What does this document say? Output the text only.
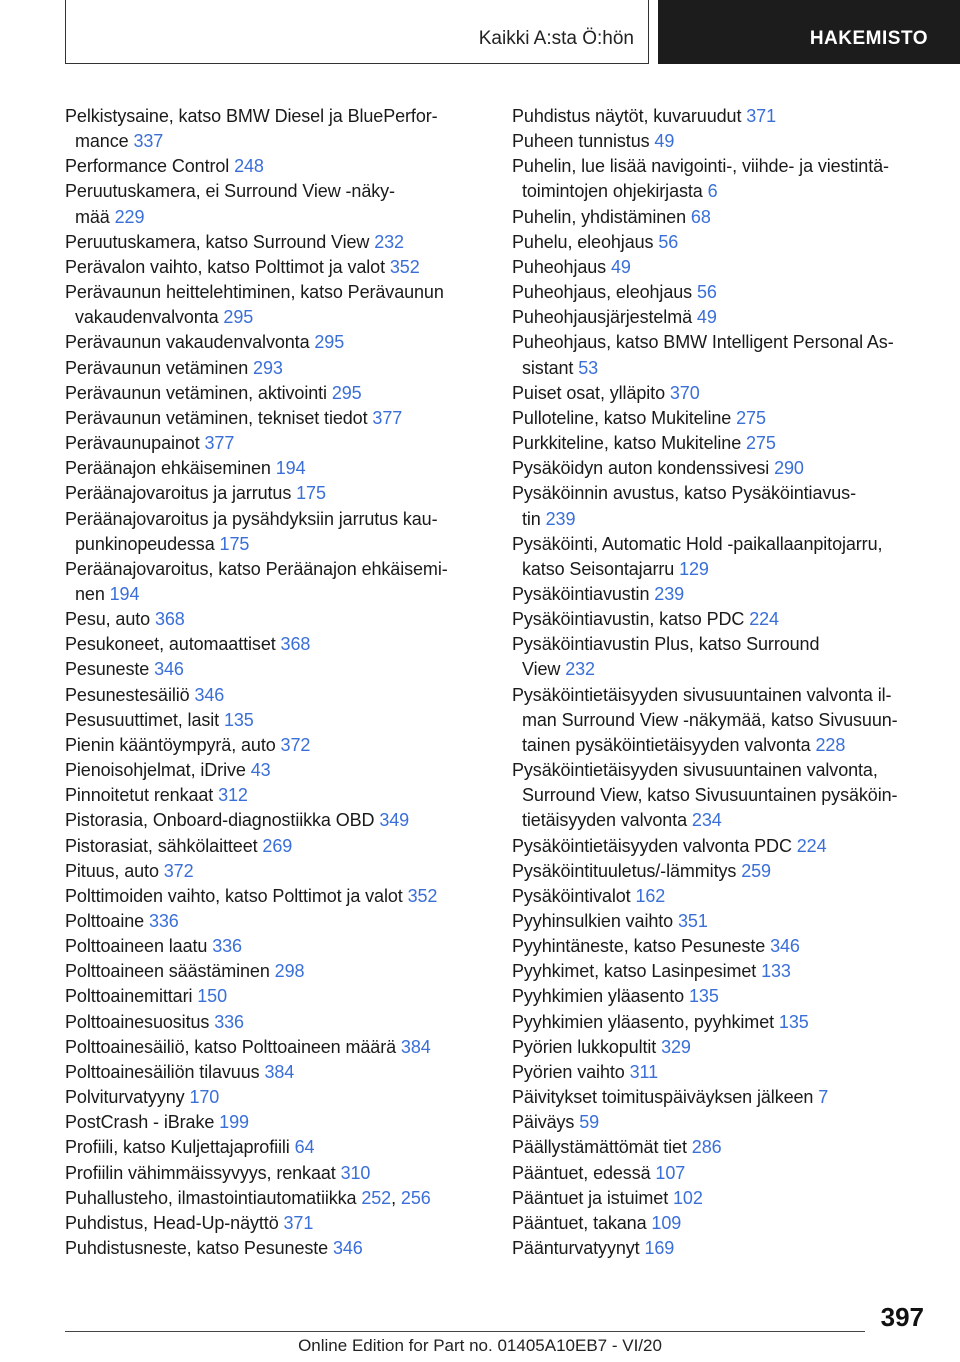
Kaikki A:sta Ö:hön	HAKEMISTO
Pelkistysaine, katso BMW Diesel ja BluePerfor-
mance 337
Performance Control 248
Peruutuskamera, ei Surround View -näky-
mää 229
Peruutuskamera, katso Surround View 232
Perävalon vaihto, katso Polttimot ja valot 352
Perävaunun heittelehtiminen, katso Perävaunun
vakaudenvalvonta 295
Perävaunun vakaudenvalvonta 295
Perävaunun vetäminen 293
Perävaunun vetäminen, aktivointi 295
Perävaunun vetäminen, tekniset tiedot 377
Perävaunupainot 377
Peräänajon ehkäiseminen 194
Peräänajovaroitus ja jarrutus 175
Peräänajovaroitus ja pysähdyksiin jarrutus kau-
punkinopeudessa 175
Peräänajovaroitus, katso Peräänajon ehkäisemi-
nen 194
Pesu, auto 368
Pesukoneet, automaattiset 368
Pesuneste 346
Pesunestesäiliö 346
Pesusuuttimet, lasit 135
Pienin kääntöympyrä, auto 372
Pienoisohjelmat, iDrive 43
Pinnoitetut renkaat 312
Pistorasia, Onboard-diagnostiikka OBD 349
Pistorasiat, sähkölaitteet 269
Pituus, auto 372
Polttimoiden vaihto, katso Polttimot ja valot 352
Polttoaine 336
Polttoaineen laatu 336
Polttoaineen säästäminen 298
Polttoainemittari 150
Polttoainesuositus 336
Polttoainesäiliö, katso Polttoaineen määrä 384
Polttoainesäiliön tilavuus 384
Polviturvatyyny 170
PostCrash - iBrake 199
Profiili, katso Kuljettajaprofiili 64
Profiilin vähimmäissyvyys, renkaat 310
Puhallusteho, ilmastointiautomatiikka 252, 256
Puhdistus, Head-Up-näyttö 371
Puhdistusneste, katso Pesuneste 346
Puhdistus näytöt, kuvaruudut 371
Puheen tunnistus 49
Puhelin, lue lisää navigointi-, viihde- ja viestintä-
toimintojen ohjekirjasta 6
Puhelin, yhdistäminen 68
Puhelu, eleohjaus 56
Puheohjaus 49
Puheohjaus, eleohjaus 56
Puheohjausjärjestelmä 49
Puheohjaus, katso BMW Intelligent Personal As-
sistant 53
Puiset osat, ylläpito 370
Pulloteline, katso Mukiteline 275
Purkkiteline, katso Mukiteline 275
Pysäköidyn auton kondenssivesi 290
Pysäköinnin avustus, katso Pysäköintiavus-
tin 239
Pysäköinti, Automatic Hold -paikallaanpitojarru,
katso Seisontajarru 129
Pysäköintiavustin 239
Pysäköintiavustin, katso PDC 224
Pysäköintiavustin Plus, katso Surround
View 232
Pysäköintietäisyyden sivusuuntainen valvonta il-
man Surround View -näkymää, katso Sivusuun-
tainen pysäköintietäisyyden valvonta 228
Pysäköintietäisyyden sivusuuntainen valvonta,
Surround View, katso Sivusuuntainen pysäköin-
tietäisyyden valvonta 234
Pysäköintietäisyyden valvonta PDC 224
Pysäköintituuletus/-lämmitys 259
Pysäköintivalot 162
Pyyhinsulkien vaihto 351
Pyyhintäneste, katso Pesuneste 346
Pyyhkimet, katso Lasinpesimet 133
Pyyhkimien yläasento 135
Pyyhkimien yläasento, pyyhkimet 135
Pyörien lukkopultit 329
Pyörien vaihto 311
Päivitykset toimituspäiväyksen jälkeen 7
Päiväys 59
Päällystämättömät tiet 286
Pääntuet, edessä 107
Pääntuet ja istuimet 102
Pääntuet, takana 109
Päänturvatyynyt 169
397
Online Edition for Part no. 01405A10EB7 - VI/20
